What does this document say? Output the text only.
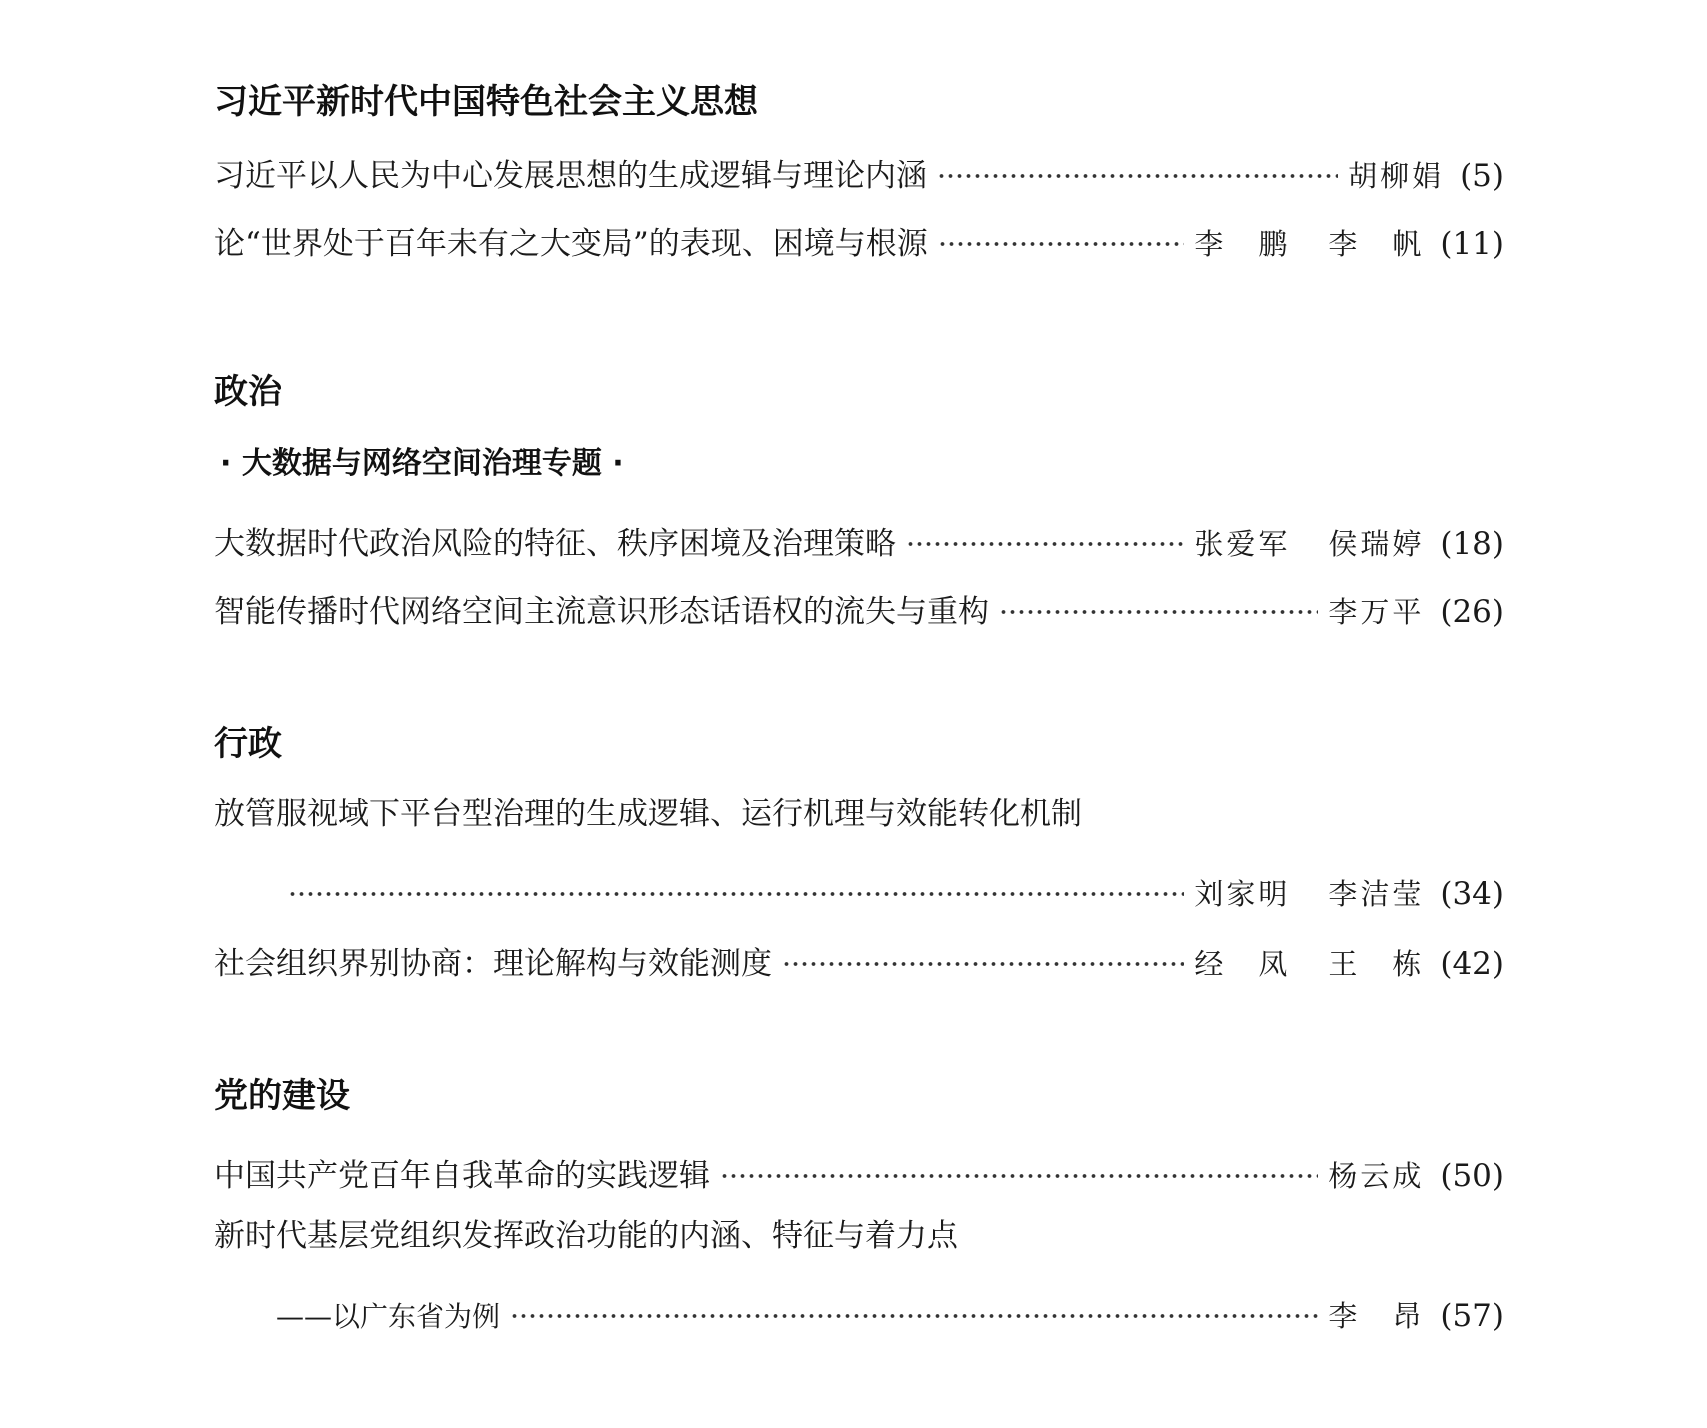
习近平新时代中国特色社会主义思想
习近平以人民为中心发展思想的生成逻辑与理论内涵	胡柳娟 (5)
论“世界处于百年未有之大变局”的表现、困境与根源	李　鹏 李　帆 (11)
政治
· 大数据与网络空间治理专题 ·
大数据时代政治风险的特征、秩序困境及治理策略	张爱军 侯瑞婷 (18)
智能传播时代网络空间主流意识形态话语权的流失与重构	李万平 (26)
行政
放管服视域下平台型治理的生成逻辑、运行机理与效能转化机制
刘家明 李洁莹 (34)
社会组织界别协商：理论解构与效能测度	经　凤 王　栋 (42)
党的建设
中国共产党百年自我革命的实践逻辑	杨云成 (50)
新时代基层党组织发挥政治功能的内涵、特征与着力点
——以广东省为例	李　昂 (57)
